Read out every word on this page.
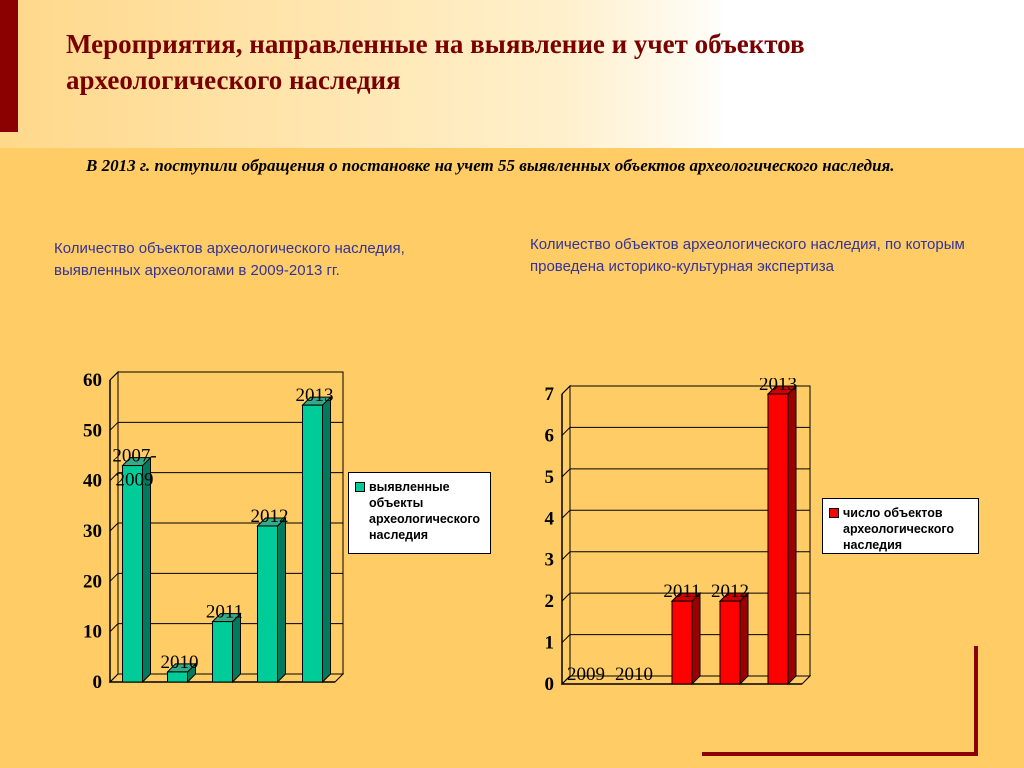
Мероприятия, направленные на выявление и учет объектов археологического наследия

В 2013 г. поступили обращения о постановке на учет 55 выявленных объектов археологического наследия.

Количество объектов археологического наследия, выявленных археологами в 2009-2013 гг.

Количество объектов археологического наследия, по которым проведена историко-культурная экспертиза

0
10
20
30
40
50
60
2007-
2009
2010
2011
2012
2013
0
1
2
3
4
5
6
7
2009 2010
2011 2012
2013
выявленные объекты археологического наследия
число объектов археологического наследия
